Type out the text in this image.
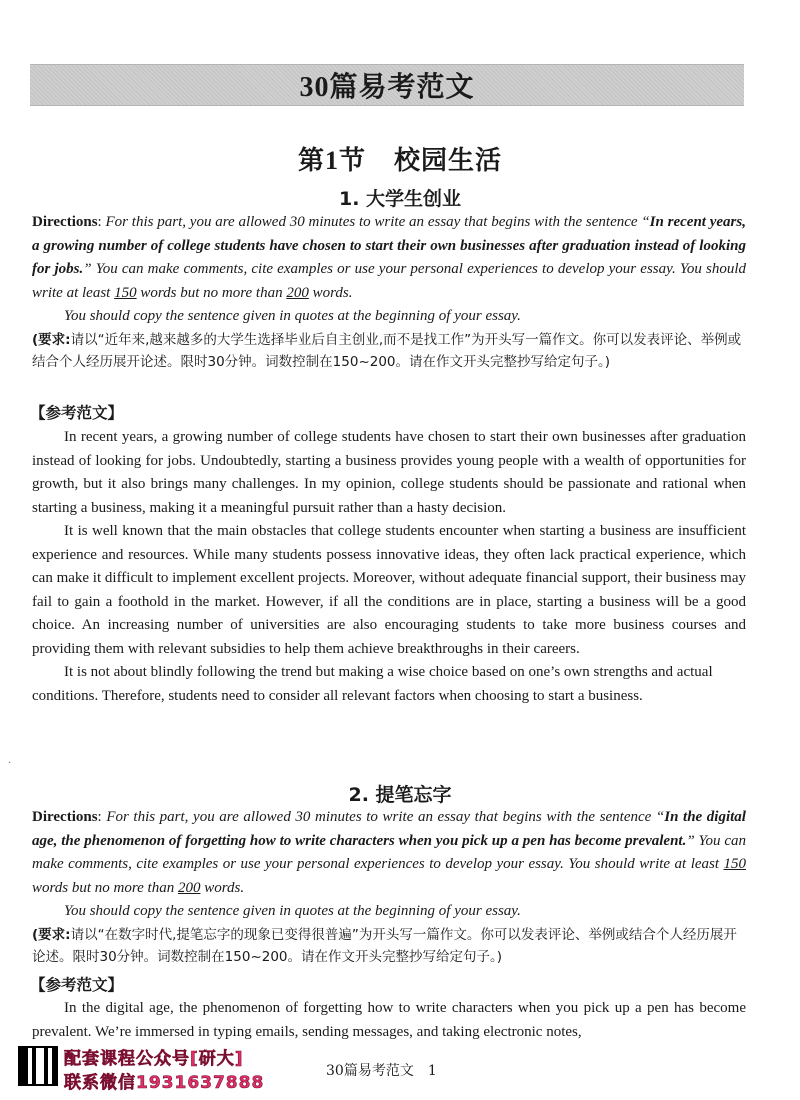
30篇易考范文
第1节 校园生活
1. 大学生创业
Directions: For this part, you are allowed 30 minutes to write an essay that begins with the sentence “In recent years, a growing number of college students have chosen to start their own businesses after graduation instead of looking for jobs.” You can make comments, cite examples or use your personal experiences to develop your essay. You should write at least 150 words but no more than 200 words.
You should copy the sentence given in quotes at the beginning of your essay.
(要求:请以“近年来,越来越多的大学生选择毕业后自主创业,而不是找工作”为开头写一篇作文。你可以发表评论、举例或结合个人经历展开论述。限时30分钟。词数控制在150~200。请在作文开头完整抄写给定句子。)
【参考范文】

In recent years, a growing number of college students have chosen to start their own businesses after graduation instead of looking for jobs. Undoubtedly, starting a business provides young people with a wealth of opportunities for growth, but it also brings many challenges. In my opinion, college students should be passionate and rational when starting a business, making it a meaningful pursuit rather than a hasty decision.

It is well known that the main obstacles that college students encounter when starting a business are insufficient experience and resources. While many students possess innovative ideas, they often lack practical experience, which can make it difficult to implement excellent projects. Moreover, without adequate financial support, their business may fail to gain a foothold in the market. However, if all the conditions are in place, starting a business will be a good choice. An increasing number of universities are also encouraging students to take more business courses and providing them with relevant subsidies to help them achieve breakthroughs in their careers.

It is not about blindly following the trend but making a wise choice based on one’s own strengths and actual conditions. Therefore, students need to consider all relevant factors when choosing to start a business.

·
2. 提笔忘字
Directions: For this part, you are allowed 30 minutes to write an essay that begins with the sentence “In the digital age, the phenomenon of forgetting how to write characters when you pick up a pen has become prevalent.” You can make comments, cite examples or use your personal experiences to develop your essay. You should write at least 150 words but no more than 200 words.
You should copy the sentence given in quotes at the beginning of your essay.
(要求:请以“在数字时代,提笔忘字的现象已变得很普遍”为开头写一篇作文。你可以发表评论、举例或结合个人经历展开论述。限时30分钟。词数控制在150~200。请在作文开头完整抄写给定句子。)
【参考范文】

In the digital age, the phenomenon of forgetting how to write characters when you pick up a pen has become prevalent. We’re immersed in typing emails, sending messages, and taking electronic notes,

配套课程公众号[研大]
联系微信1931637888
30篇易考范文 1
